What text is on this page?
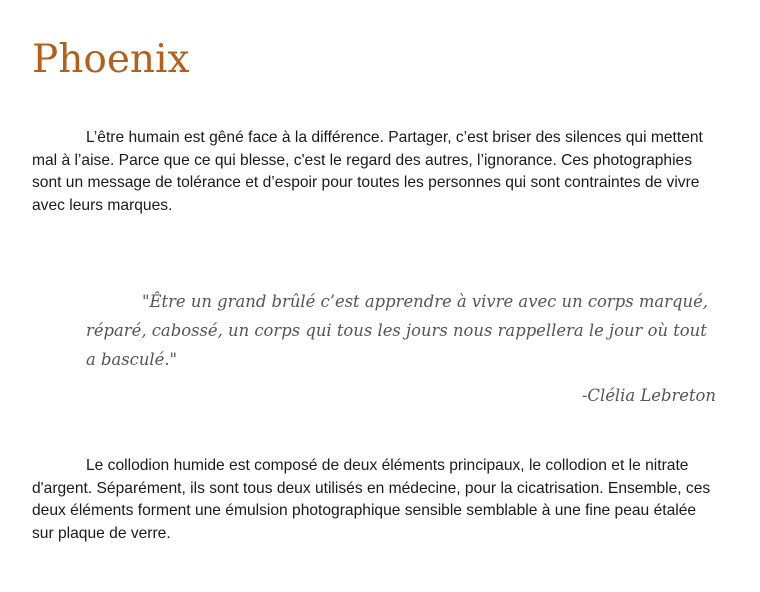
Phoenix

L’être humain est gêné face à la différence. Partager, c’est briser des silences qui mettent mal à l’aise. Parce que ce qui blesse, c'est le regard des autres, l’ignorance. Ces photographies sont un message de tolérance et d’espoir pour toutes les personnes qui sont contraintes de vivre avec leurs marques.

"Être un grand brûlé c’est apprendre à vivre avec un corps marqué, réparé, cabossé, un corps qui tous les jours nous rappellera le jour où tout a basculé."

-Clélia Lebreton

Le collodion humide est composé de deux éléments principaux, le collodion et le nitrate d'argent. Séparément, ils sont tous deux utilisés en médecine, pour la cicatrisation. Ensemble, ces deux éléments forment une émulsion photographique sensible semblable à une fine peau étalée sur plaque de verre.
